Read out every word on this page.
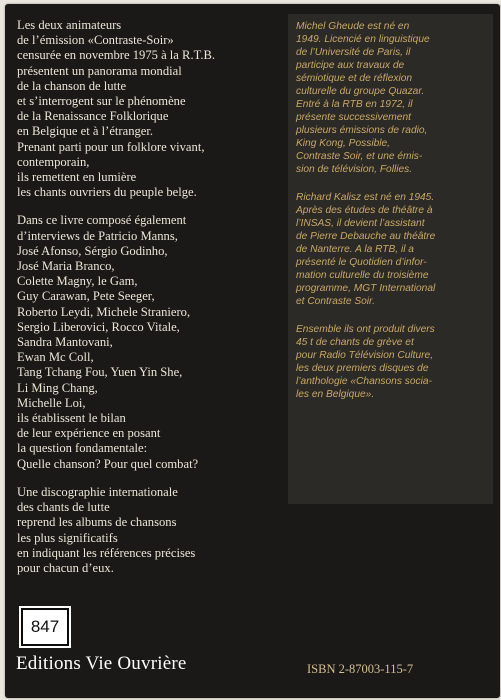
Les deux animateurs
de l’émission «Contraste-Soir»
censurée en novembre 1975 à la R.T.B.
présentent un panorama mondial
de la chanson de lutte
et s’interrogent sur le phénomène
de la Renaissance Folklorique
en Belgique et à l’étranger.
Prenant parti pour un folklore vivant,
contemporain,
ils remettent en lumière
les chants ouvriers du peuple belge.

Dans ce livre composé également
d’interviews de Patricio Manns,
José Afonso, Sérgio Godinho,
José Maria Branco,
Colette Magny, le Gam,
Guy Carawan, Pete Seeger,
Roberto Leydi, Michele Straniero,
Sergio Liberovici, Rocco Vitale,
Sandra Mantovani,
Ewan Mc Coll,
Tang Tchang Fou, Yuen Yin She,
Li Ming Chang,
Michelle Loi,
ils établissent le bilan
de leur expérience en posant
la question fondamentale:
Quelle chanson? Pour quel combat?

Une discographie internationale
des chants de lutte
reprend les albums de chansons
les plus significatifs
en indiquant les références précises
pour chacun d’eux.

Michel Gheude est né en
1949. Licencié en linguistique
de l’Université de Paris, il
participe aux travaux de
sémiotique et de réflexion
culturelle du groupe Quazar.
Entré à la RTB en 1972, il
présente successivement
plusieurs émissions de radio,
King Kong, Possible,
Contraste Soir, et une émis-
sion de télévision, Follies.

Richard Kalisz est né en 1945.
Après des études de théâtre à
l’INSAS, il devient l’assistant
de Pierre Debauche au théâtre
de Nanterre. A la RTB, il a
présenté le Quotidien d’infor-
mation culturelle du troisième
programme, MGT International
et Contraste Soir.

Ensemble ils ont produit divers
45 t de chants de grève et
pour Radio Télévision Culture,
les deux premiers disques de
l’anthologie «Chansons socia-
les en Belgique».

847
Editions Vie Ouvrière	ISBN 2-87003-115-7
